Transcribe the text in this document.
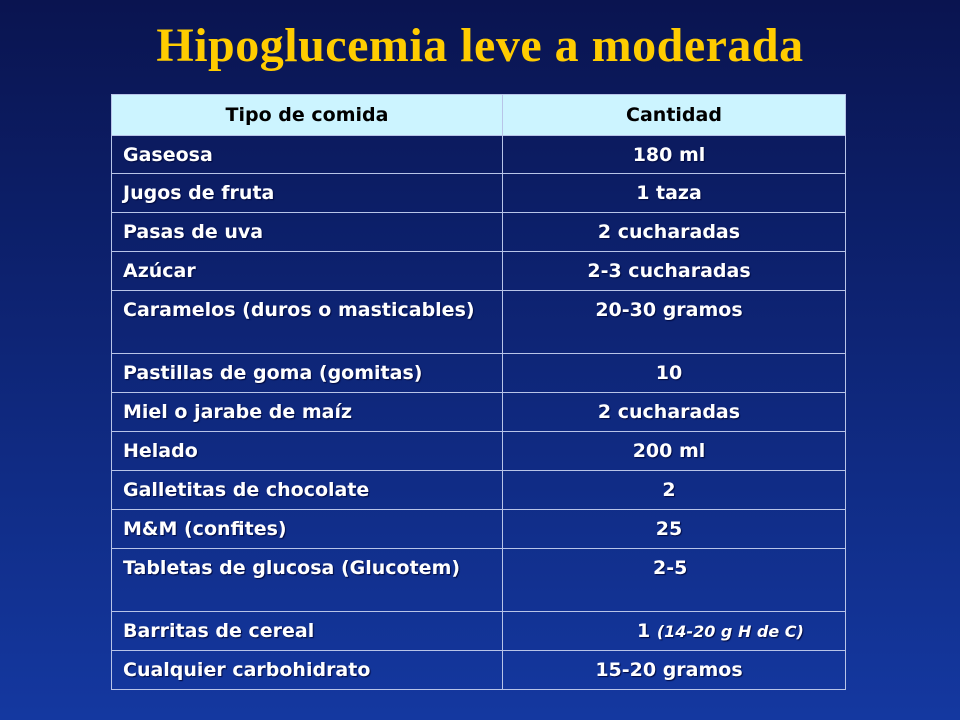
Hipoglucemia leve a moderada
Tipo de comida	Cantidad
Gaseosa	180 ml
Jugos de fruta	1 taza
Pasas de uva	2 cucharadas
Azúcar	2-3 cucharadas
Caramelos (duros o masticables)	20-30 gramos
Pastillas de goma (gomitas)	10
Miel o jarabe de maíz	2 cucharadas
Helado	200 ml
Galletitas de chocolate	2
M&M (confites)	25
Tabletas de glucosa (Glucotem)	2-5
Barritas de cereal	1 (14-20 g H de C)
Cualquier carbohidrato	15-20 gramos
